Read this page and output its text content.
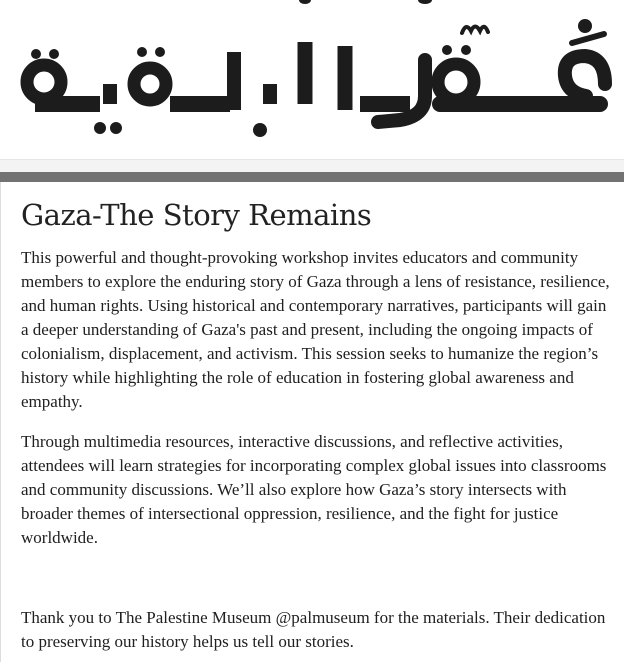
Gaza-The Story Remains

This powerful and thought-provoking workshop invites educators and community members to explore the enduring story of Gaza through a lens of resistance, resilience, and human rights. Using historical and contemporary narratives, participants will gain a deeper understanding of Gaza's past and present, including the ongoing impacts of colonialism, displacement, and activism. This session seeks to humanize the region’s history while highlighting the role of education in fostering global awareness and empathy.

Through multimedia resources, interactive discussions, and reflective activities, attendees will learn strategies for incorporating complex global issues into classrooms and community discussions. We’ll also explore how Gaza’s story intersects with broader themes of intersectional oppression, resilience, and the fight for justice worldwide.

Thank you to The Palestine Museum @palmuseum for the materials. Their dedication to preserving our history helps us tell our stories.
